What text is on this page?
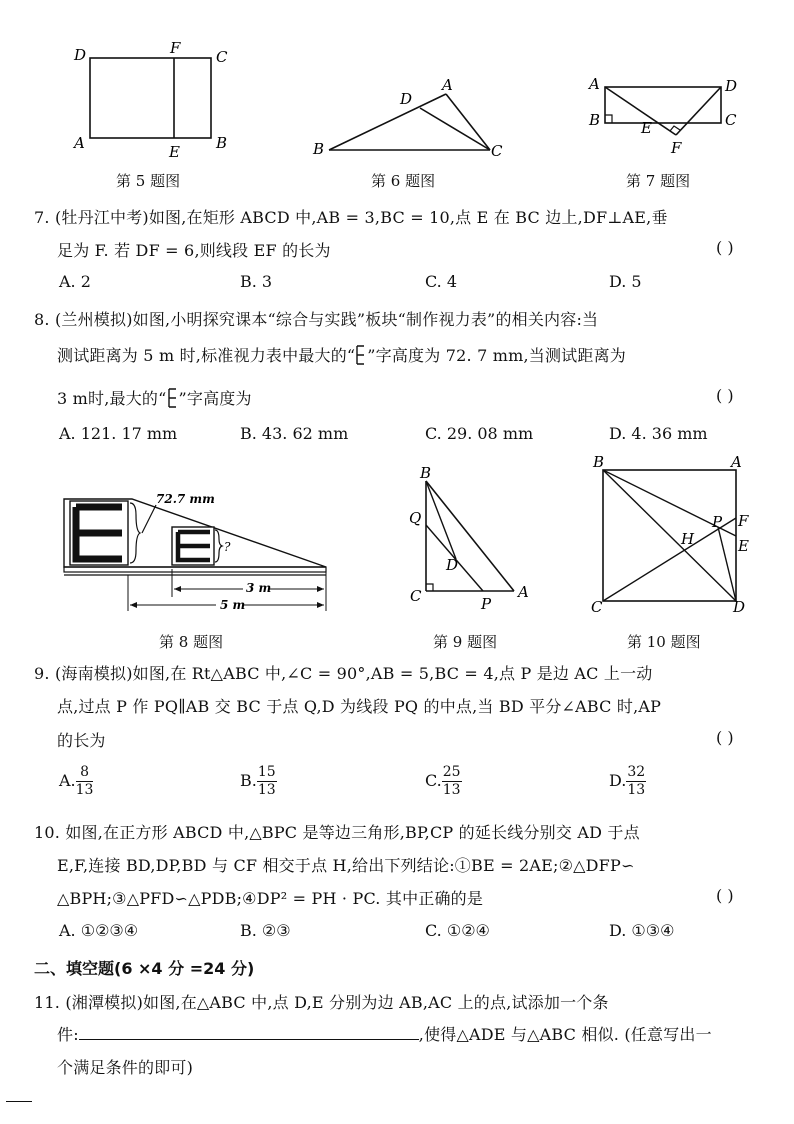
D	F C
A	E B
第 5 题图
D
A
B	C
第 6 题图
A	D
B	C
E
F
第 7 题图
7. (牡丹江中考)如图,在矩形 ABCD 中,AB = 3,BC = 10,点 E 在 BC 边上,DF⊥AE,垂
足为 F. 若 DF = 6,则线段 EF 的长为	( )
A. 2	B. 3	C. 4	D. 5
8. (兰州模拟)如图,小明探究课本“综合与实践”板块“制作视力表”的相关内容:当
测试距离为 5 m 时,标准视力表中最大的“ ”字高度为 72. 7 mm,当测试距离为
3 m时,最大的“ ”字高度为	( )
A. 121. 17 mm	B. 43. 62 mm	C. 29. 08 mm	D. 4. 36 mm
72.7 mm
?
3 m
5 m
第 8 题图
B
Q
D
C	P
A
第 9 题图
B	A
P F
H	E
C	D
第 10 题图
9. (海南模拟)如图,在 Rt△ABC 中,∠C = 90°,AB = 5,BC = 4,点 P 是边 AC 上一动
点,过点 P 作 PQ∥AB 交 BC 于点 Q,D 为线段 PQ 的中点,当 BD 平分∠ABC 时,AP
的长为	( )
A. $\frac{8}{13}$	B. $\frac{15}{13}$	C. $\frac{25}{13}$	D. $\frac{32}{13}$
10. 如图,在正方形 ABCD 中,△BPC 是等边三角形,BP,CP 的延长线分别交 AD 于点
E,F,连接 BD,DP,BD 与 CF 相交于点 H,给出下列结论:①BE = 2AE;②△DFP∽
△BPH;③△PFD∽△PDB;④DP² = PH · PC. 其中正确的是	( )
A. ①②③④	B. ②③	C. ①②④	D. ①③④
二、填空题(6 ×4 分 =24 分)
11. (湘潭模拟)如图,在△ABC 中,点 D,E 分别为边 AB,AC 上的点,试添加一个条
件:	,使得△ADE 与△ABC 相似. (任意写出一
个满足条件的即可)
